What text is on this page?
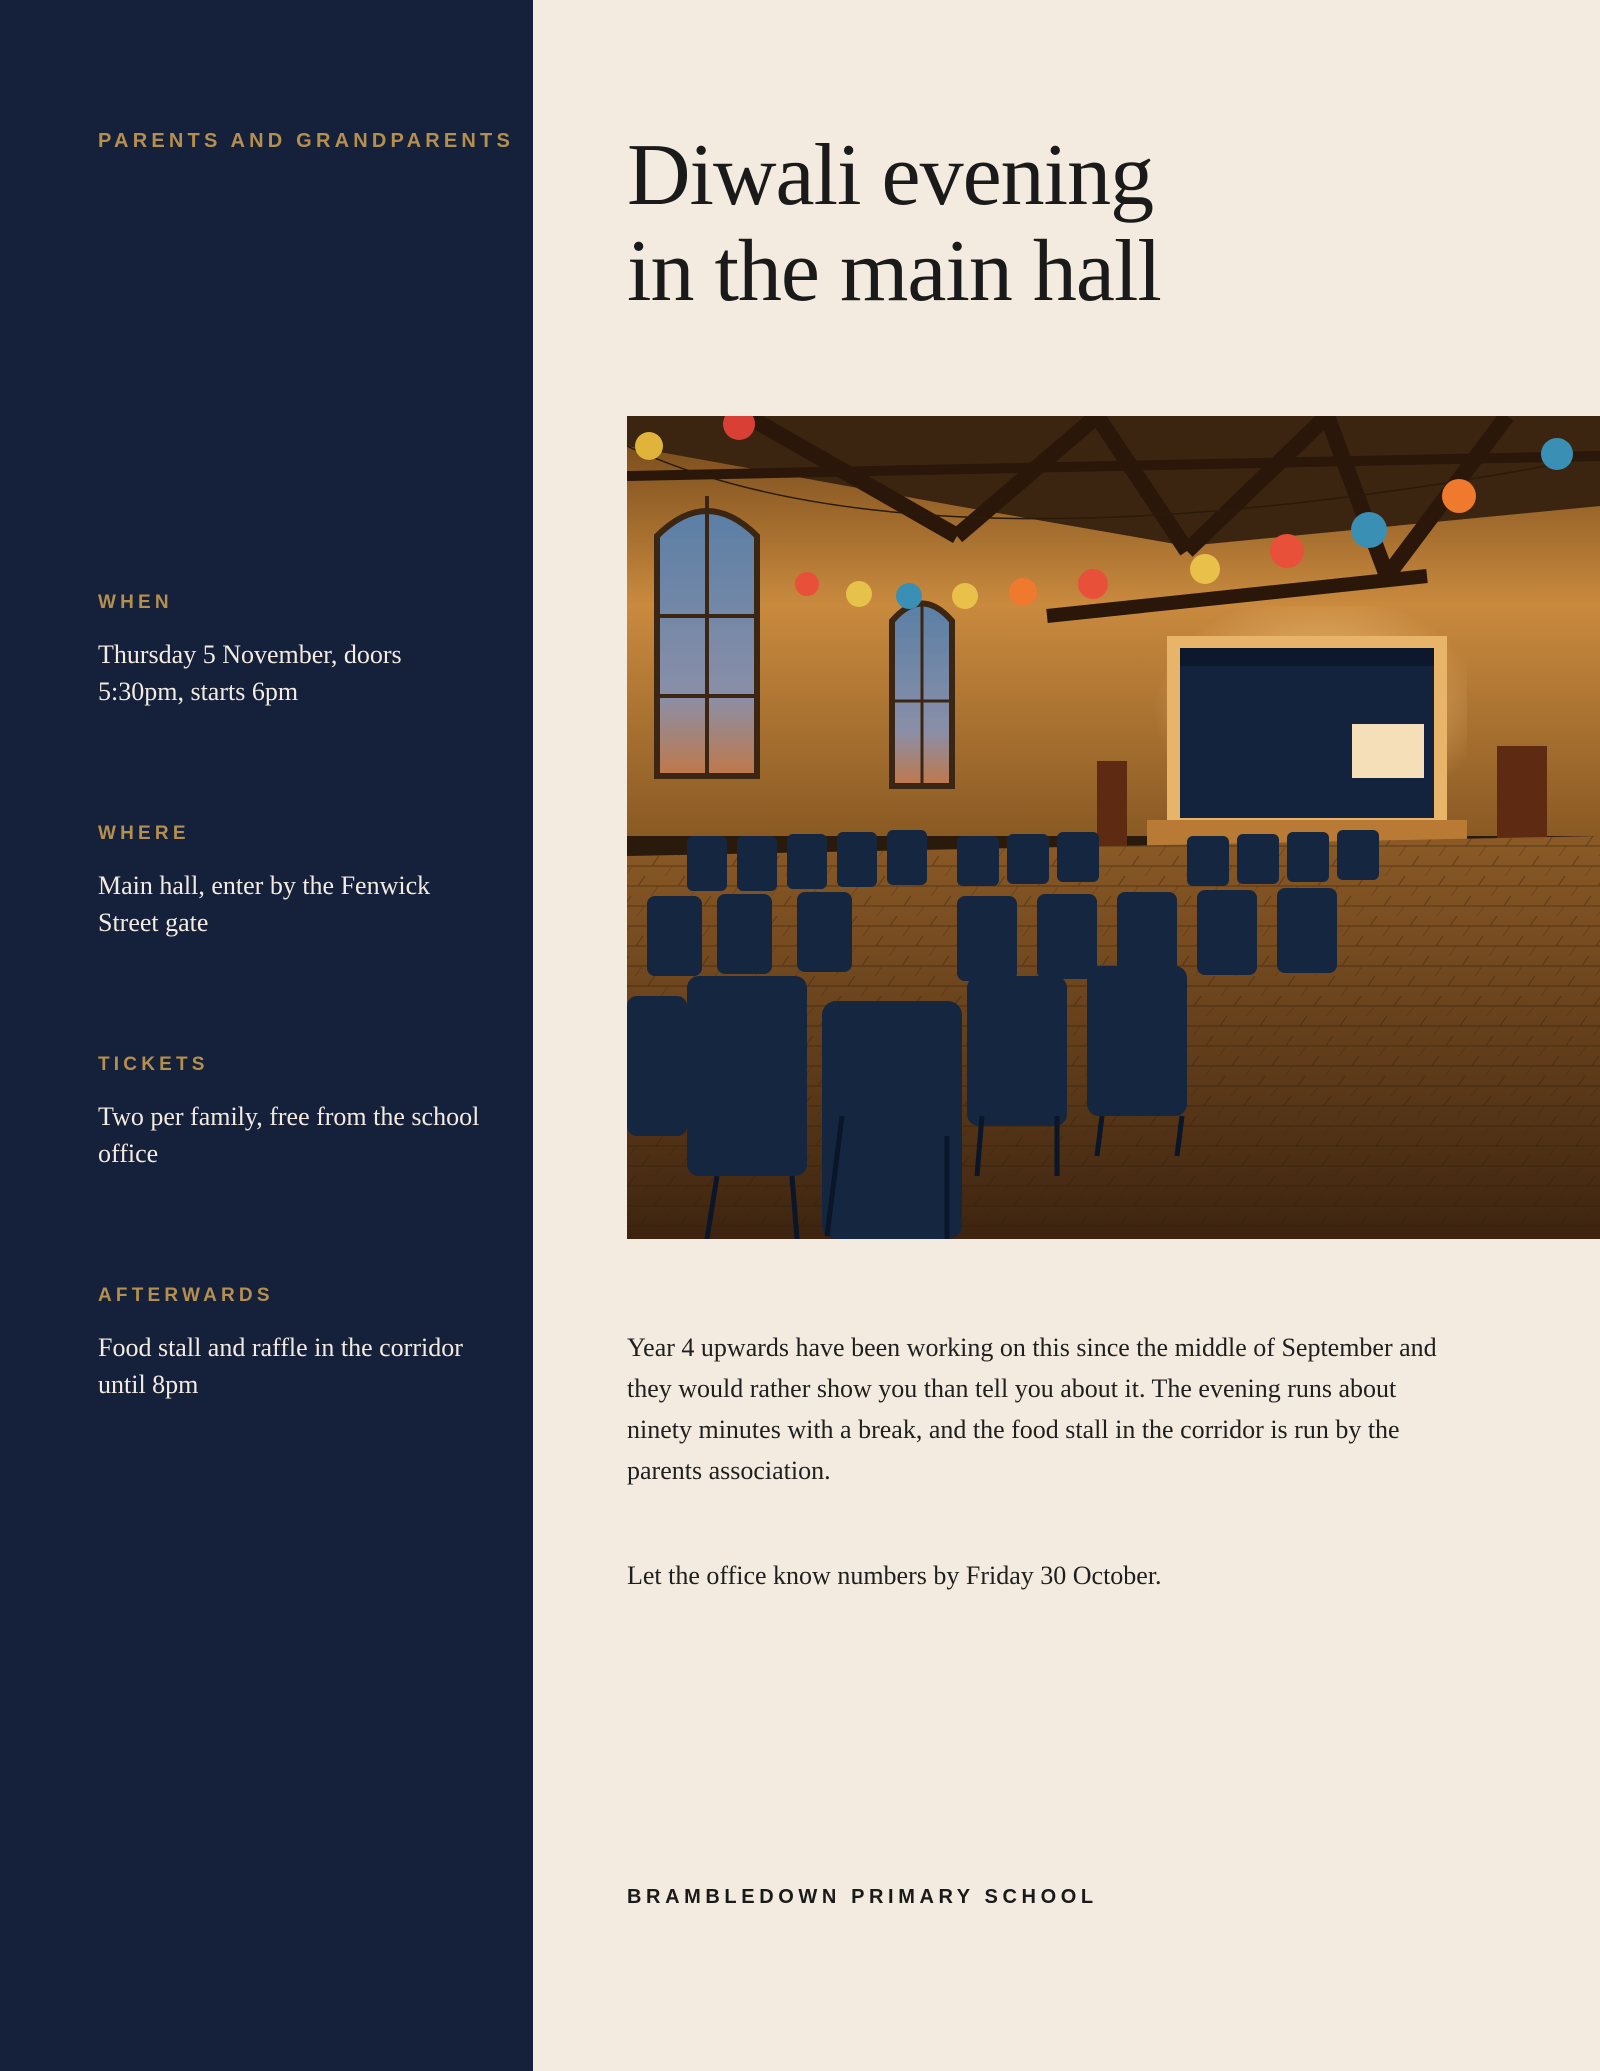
PARENTS AND GRANDPARENTS

WHEN

Thursday 5 November, doors 5:30pm, starts 6pm

WHERE

Main hall, enter by the Fenwick Street gate

TICKETS

Two per family, free from the school office

AFTERWARDS

Food stall and raffle in the corridor until 8pm

Diwali evening
in the main hall

Year 4 upwards have been working on this since the middle of September and they would rather show you than tell you about it. The evening runs about ninety minutes with a break, and the food stall in the corridor is run by the parents association.

Let the office know numbers by Friday 30 October.

BRAMBLEDOWN PRIMARY SCHOOL
